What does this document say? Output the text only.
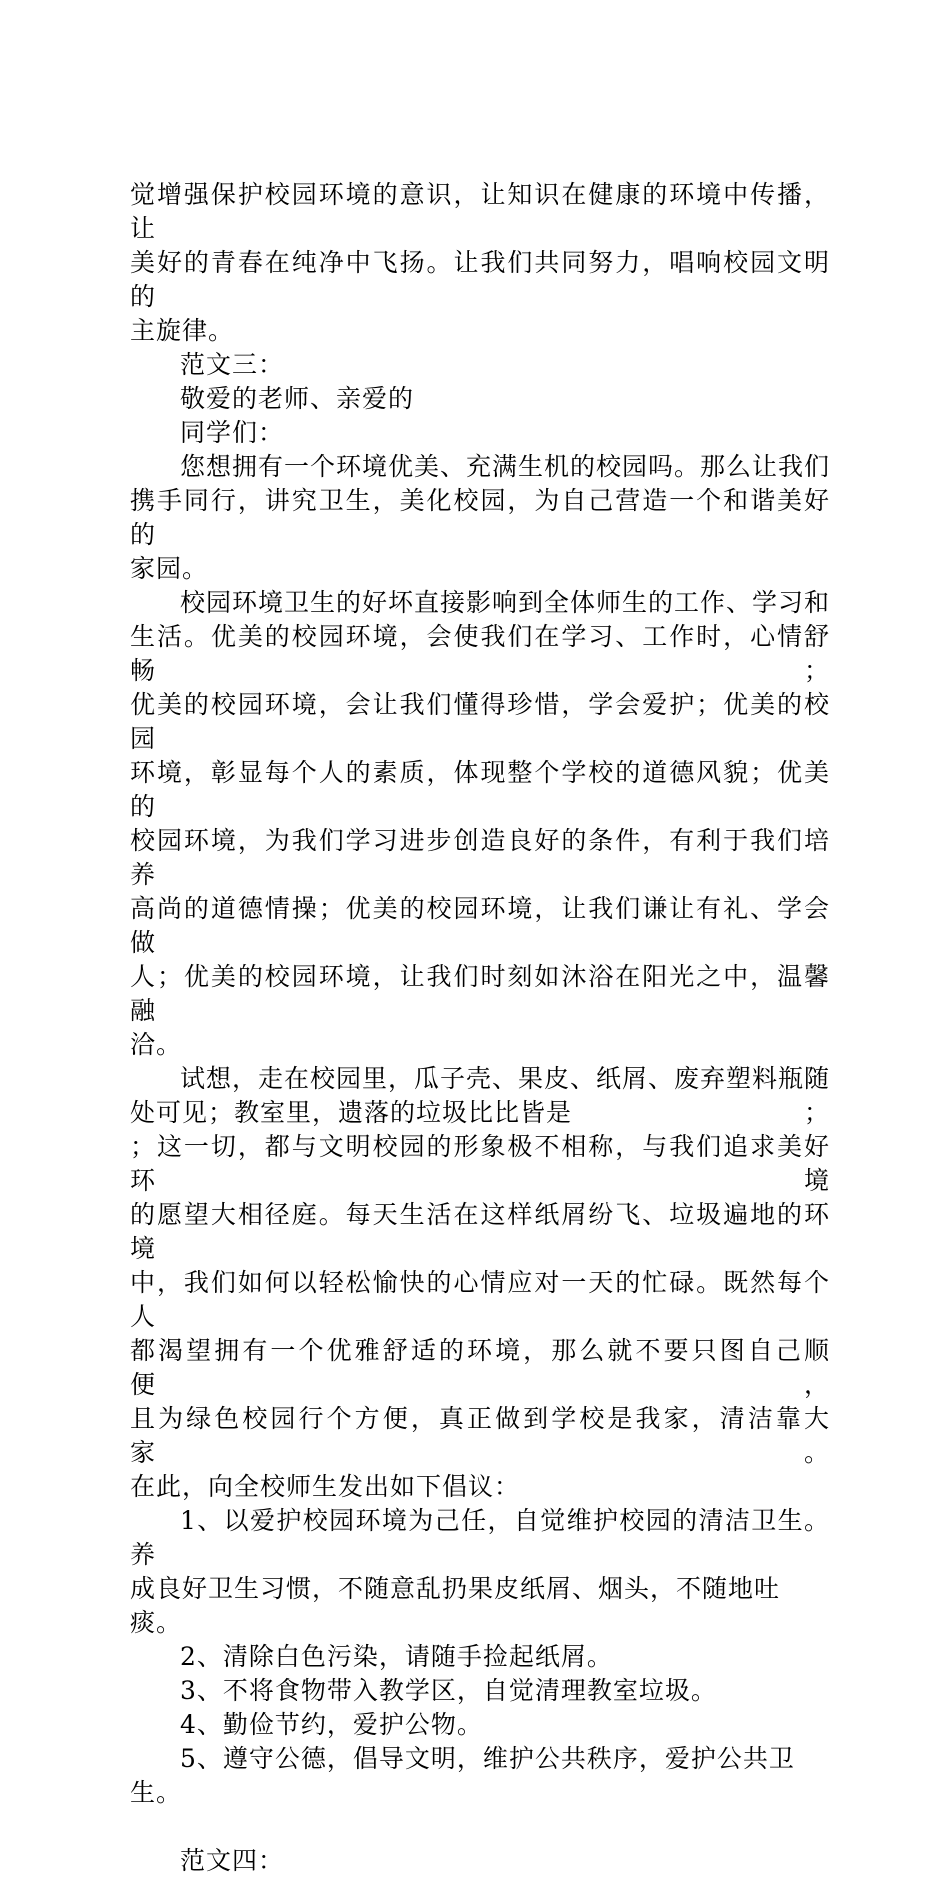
觉增强保护校园环境的意识，让知识在健康的环境中传播，让

美好的青春在纯净中飞扬。让我们共同努力，唱响校园文明的

主旋律。

范文三：

敬爱的老师、亲爱的

同学们：

您想拥有一个环境优美、充满生机的校园吗。那么让我们

携手同行，讲究卫生，美化校园，为自己营造一个和谐美好的

家园。

校园环境卫生的好坏直接影响到全体师生的工作、学习和

生活。优美的校园环境，会使我们在学习、工作时，心情舒畅；

优美的校园环境，会让我们懂得珍惜，学会爱护；优美的校园

环境，彰显每个人的素质，体现整个学校的道德风貌；优美的

校园环境，为我们学习进步创造良好的条件，有利于我们培养

高尚的道德情操；优美的校园环境，让我们谦让有礼、学会做

人；优美的校园环境，让我们时刻如沐浴在阳光之中，温馨融

洽。

试想，走在校园里，瓜子壳、果皮、纸屑、废弃塑料瓶随

处可见；教室里，遗落的垃圾比比皆是	；

；这一切，都与文明校园的形象极不相称，与我们追求美好环境

的愿望大相径庭。每天生活在这样纸屑纷飞、垃圾遍地的环境

中，我们如何以轻松愉快的心情应对一天的忙碌。既然每个人

都渴望拥有一个优雅舒适的环境，那么就不要只图自己顺便，

且为绿色校园行个方便，真正做到学校是我家，清洁靠大家。

在此，向全校师生发出如下倡议：

1、以爱护校园环境为己任，自觉维护校园的清洁卫生。养

成良好卫生习惯，不随意乱扔果皮纸屑、烟头，不随地吐痰。

2、清除白色污染，请随手捡起纸屑。

3、不将食物带入教学区，自觉清理教室垃圾。

4、勤俭节约，爱护公物。

5、遵守公德，倡导文明，维护公共秩序，爱护公共卫生。

范文四：
